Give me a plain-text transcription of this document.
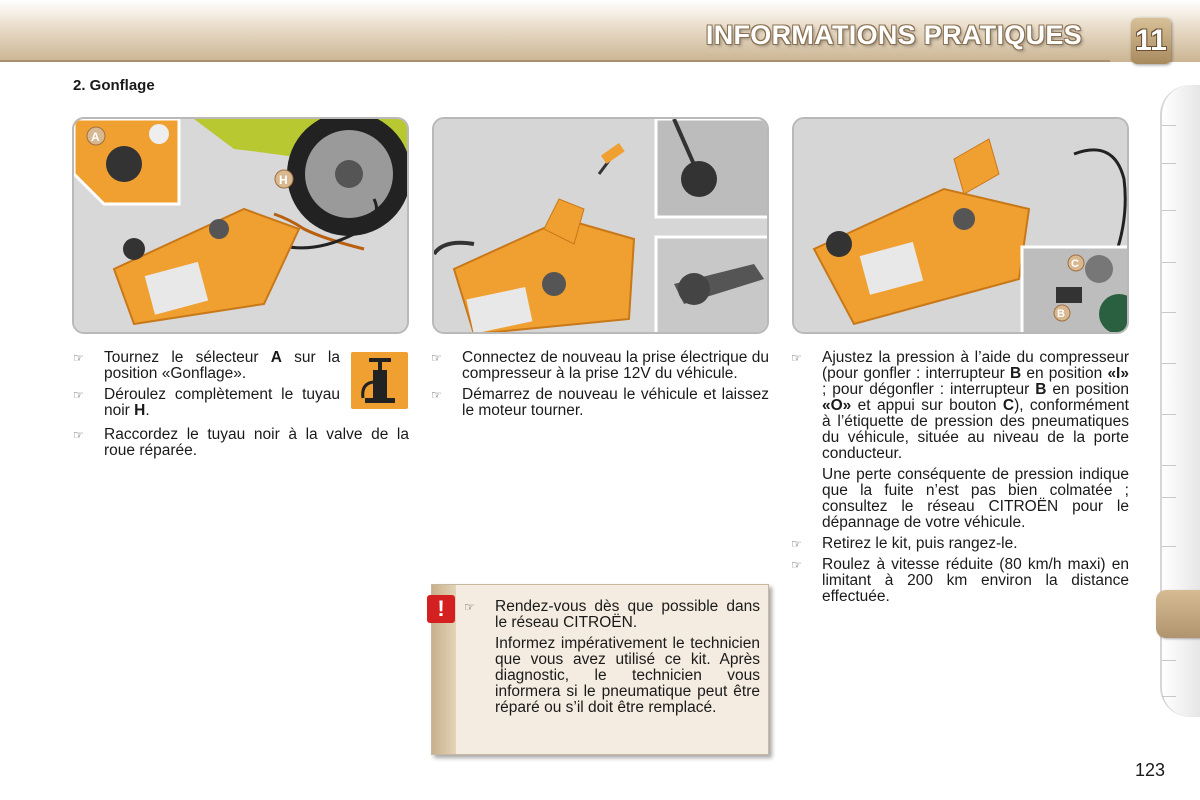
INFORMATIONS PRATIQUES 11
2. Gonflage
A
H
C
B

☞ Tournez le sélecteur A sur la position «Gonflage».

☞ Déroulez complètement le tuyau noir H.

☞ Raccordez le tuyau noir à la valve de la roue réparée.

☞ Connectez de nouveau la prise électrique du compresseur à la prise 12V du véhicule.

☞ Démarrez de nouveau le véhicule et laissez le moteur tourner.

☞ Ajustez la pression à l’aide du compresseur (pour gonfler : interrupteur B en position «I» ; pour dégonfler : interrupteur B en position «O» et appui sur bouton C), conformément à l’étiquette de pression des pneumatiques du véhicule, située au niveau de la porte conducteur.

Une perte conséquente de pression indique que la fuite n’est pas bien colmatée ; consultez le réseau CITROËN pour le dépannage de votre véhicule.

☞ Retirez le kit, puis rangez-le.

☞ Roulez à vitesse réduite (80 km/h maxi) en limitant à 200 km environ la distance effectuée.

!	☞ Rendez-vous dès que possible dans le réseau CITROËN.

Informez impérativement le technicien que vous avez utilisé ce kit. Après diagnostic, le technicien vous informera si le pneumatique peut être réparé ou s’il doit être remplacé.

123
